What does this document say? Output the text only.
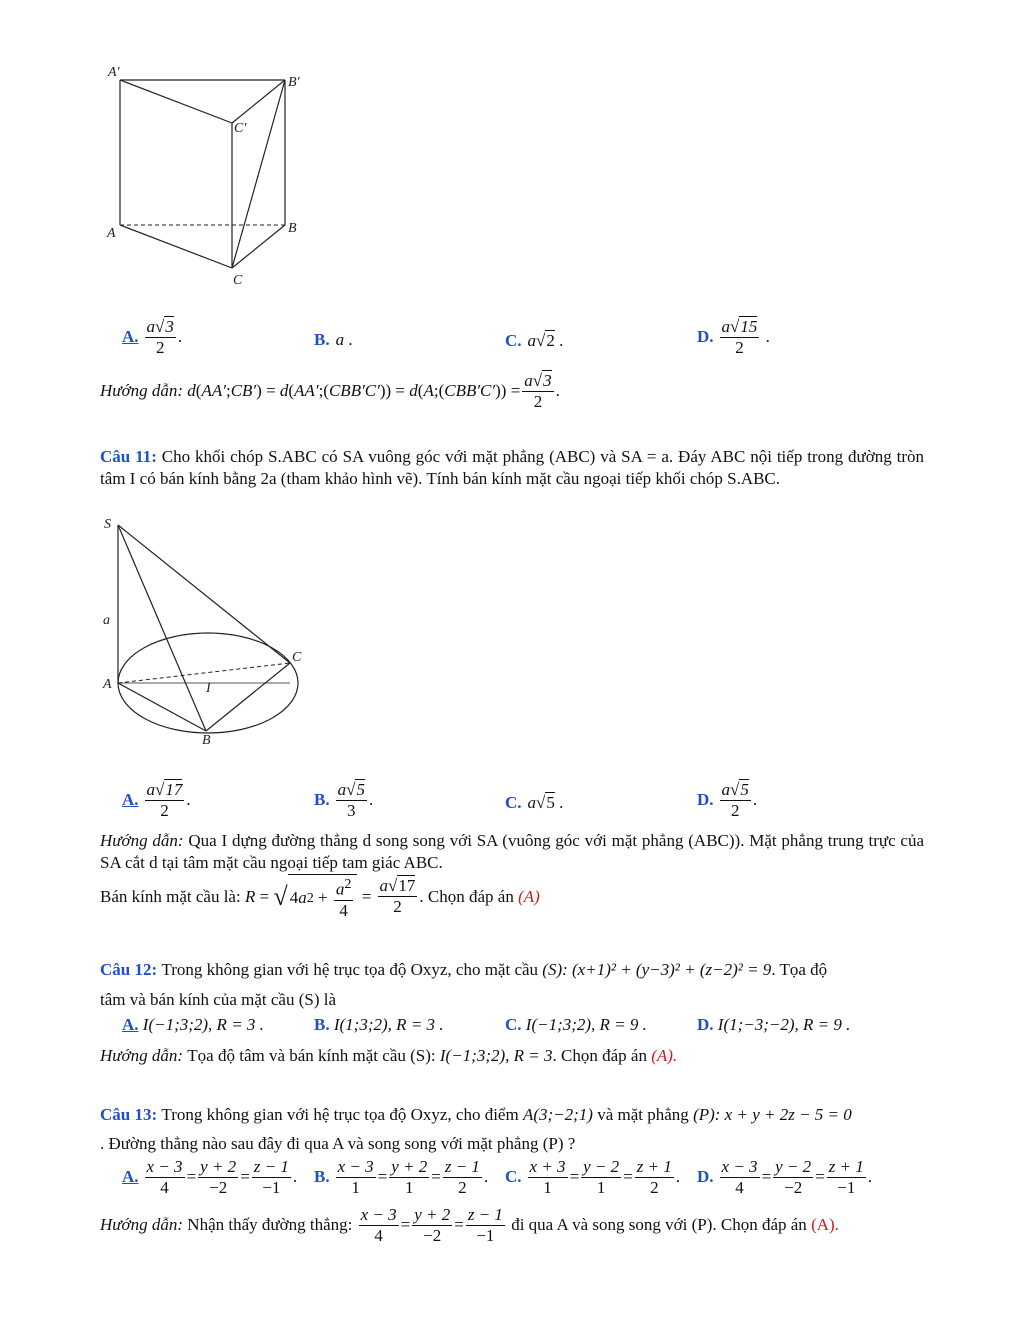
A'
B'
C'
A	B
C
A. $\frac{a √ 3}{2}$ .	B. a .	C. a √ 2 .	D. $\frac{a √ 15}{2}$ .
Hướng dẫn:
d ( AA′ ; CB′ ) = d ( AA′ ;( CBB′C′ )) = d ( A ;( CBB′C′ )) = $\frac{a √ 3}{2}$ .
Câu 11: Cho khối chóp S.ABC có SA vuông góc với mặt phẳng (ABC) và SA = a. Đáy ABC nội tiếp trong đường tròn tâm I có bán kính bằng 2a (tham khảo hình vẽ). Tính bán kính mặt cầu ngoại tiếp khối chóp S.ABC.
S
a
C
A	I
B
A. $\frac{a √ 17}{2}$ .	B. $\frac{a √ 5}{3}$ .	C. a √ 5 .	D. $\frac{a √ 5}{2}$ .
Hướng dẫn: Qua I dựng đường thẳng d song song với SA (vuông góc với mặt phẳng (ABC)). Mặt phẳng trung trực của SA cắt d tại tâm mặt cầu ngoại tiếp tam giác ABC.
Bán kính mặt cầu là:
R = √ 4 a $2 + \frac{a^2}{4} = \frac{a √ 17}{2}$ . Chọn đáp án
(A)
Câu 12:
Trong không gian với hệ trục tọa độ Oxyz, cho mặt cầu
(S): (x+1)² + (y−3)² + (z−2)² = 9 . Tọa độ
tâm và bán kính của mặt cầu (S) là
A.
I(−1;3;2), R = 3 .	B.
I(1;3;2), R = 3 .	C.
I(−1;3;2), R = 9 .	D.
I(1;−3;−2), R = 9 .
Hướng dẫn:
Tọa độ tâm và bán kính mặt cầu (S):
I(−1;3;2), R = 3 . Chọn đáp án
(A).
Câu 13:
Trong không gian với hệ trục tọa độ Oxyz, cho điểm
A(3;−2;1)
và mặt phẳng
(P): x + y + 2z − 5 = 0
. Đường thẳng nào sau đây đi qua A và song song với mặt phẳng (P) ?
A. $\frac{x - 3}{4} = \frac{y + 2}{-2} = \frac{z - 1}{-1}$ . B. $\frac{x - 3}{1} = \frac{y + 2}{1} = \frac{z - 1}{2}$ . C. $\frac{x + 3}{1} = \frac{y - 2}{1} = \frac{z + 1}{2}$ . D. $\frac{x - 3}{4} = \frac{y - 2}{-2} = \frac{z + 1}{-1}$ .
Hướng dẫn:
Nhận thấy đường thẳng:
$\frac{x - 3}{4} = \frac{y + 2}{-2} = \frac{z - 1}{-1}$
đi qua A và song song với (P). Chọn đáp án
(A).
